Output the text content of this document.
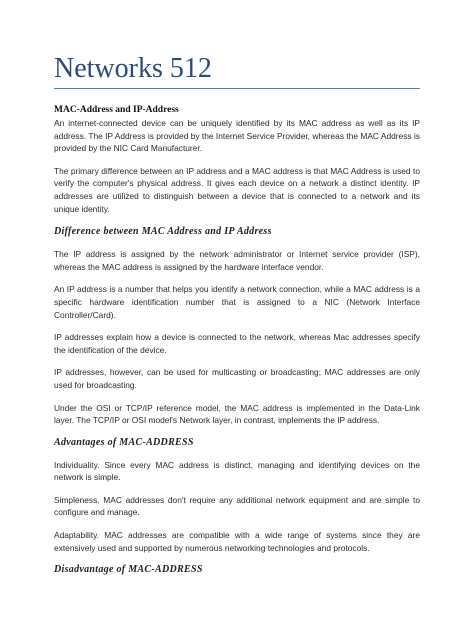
Networks 512
MAC-Address and IP-Address

An internet-connected device can be uniquely identified by its MAC address as well as its IP address. The IP Address is provided by the Internet Service Provider, whereas the MAC Address is provided by the NIC Card Manufacturer.

The primary difference between an IP address and a MAC address is that MAC Address is used to verify the computer's physical address. It gives each device on a network a distinct identity. IP addresses are utilized to distinguish between a device that is connected to a network and its unique identity.

Difference between MAC Address and IP Address

The IP address is assigned by the network administrator or Internet service provider (ISP), whereas the MAC address is assigned by the hardware interface vendor.

An IP address is a number that helps you identify a network connection, while a MAC address is a specific hardware identification number that is assigned to a NIC (Network Interface Controller/Card).

IP addresses explain how a device is connected to the network, whereas Mac addresses specify the identification of the device.

IP addresses, however, can be used for multicasting or broadcasting; MAC addresses are only used for broadcasting.

Under the OSI or TCP/IP reference model, the MAC address is implemented in the Data-Link layer. The TCP/IP or OSI model's Network layer, in contrast, implements the IP address.

Advantages of MAC-ADDRESS

Individuality. Since every MAC address is distinct, managing and identifying devices on the network is simple.

Simpleness. MAC addresses don't require any additional network equipment and are simple to configure and manage.

Adaptability. MAC addresses are compatible with a wide range of systems since they are extensively used and supported by numerous networking technologies and protocols.

Disadvantage of MAC-ADDRESS
